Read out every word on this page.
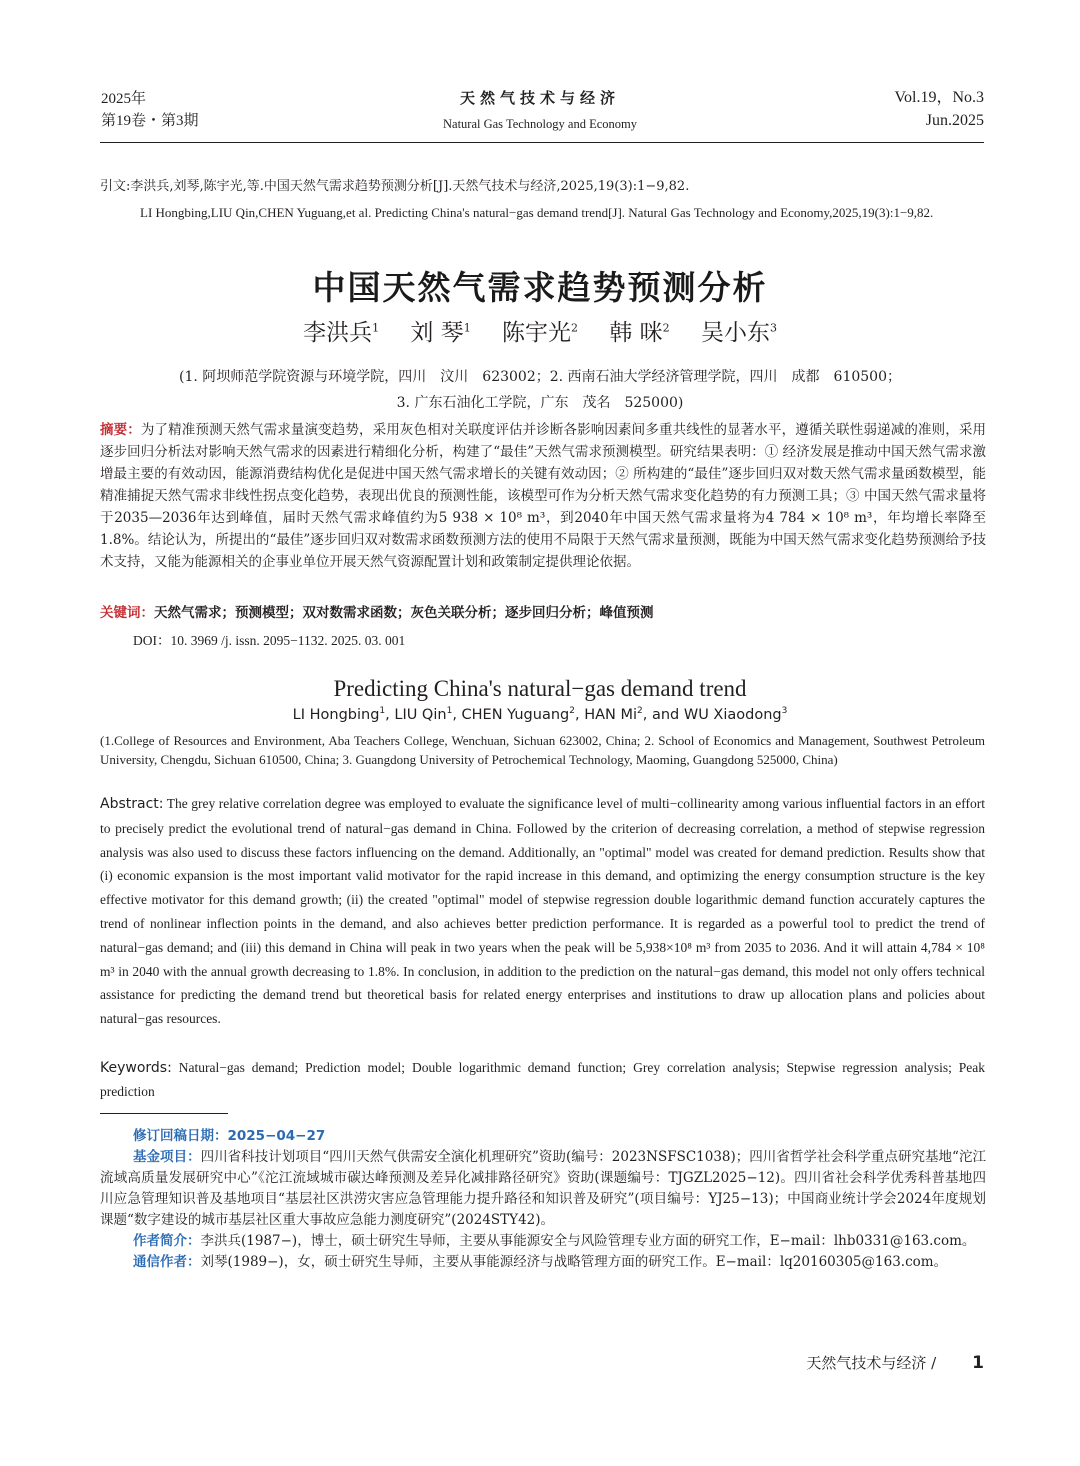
2025年
第19卷・第3期
天然气技术与经济
Natural Gas Technology and Economy
Vol.19，No.3
Jun.2025
引文:李洪兵,刘琴,陈宇光,等.中国天然气需求趋势预测分析[J].天然气技术与经济,2025,19(3):1−9,82.
LI Hongbing,LIU Qin,CHEN Yuguang,et al. Predicting China's natural−gas demand trend[J]. Natural Gas Technology and Economy,2025,19(3):1−9,82.
中国天然气需求趋势预测分析
李洪兵$^1$ 刘 琴$^1$ 陈宇光$^2$ 韩 咪$^2$ 吴小东$^3$
(1. 阿坝师范学院资源与环境学院，四川　汶川　623002；2. 西南石油大学经济管理学院，四川　成都　610500；
3. 广东石油化工学院，广东　茂名　525000)
摘要：为了精准预测天然气需求量演变趋势，采用灰色相对关联度评估并诊断各影响因素间多重共线性的显著水平，遵循关联性弱递减的准则，采用逐步回归分析法对影响天然气需求的因素进行精细化分析，构建了“最佳”天然气需求预测模型。研究结果表明：① 经济发展是推动中国天然气需求激增最主要的有效动因，能源消费结构优化是促进中国天然气需求增长的关键有效动因；② 所构建的“最佳”逐步回归双对数天然气需求量函数模型，能精准捕捉天然气需求非线性拐点变化趋势，表现出优良的预测性能，该模型可作为分析天然气需求变化趋势的有力预测工具；③ 中国天然气需求量将于2035—2036年达到峰值，届时天然气需求峰值约为5 938 × 10⁸ m³，到2040年中国天然气需求量将为4 784 × 10⁸ m³，年均增长率降至1.8%。结论认为，所提出的“最佳”逐步回归双对数需求函数预测方法的使用不局限于天然气需求量预测，既能为中国天然气需求变化趋势预测给予技术支持，又能为能源相关的企事业单位开展天然气资源配置计划和政策制定提供理论依据。
关键词：天然气需求；预测模型；双对数需求函数；灰色关联分析；逐步回归分析；峰值预测
DOI：10. 3969 /j. issn. 2095−1132. 2025. 03. 001
Predicting China's natural−gas demand trend
LI Hongbing$^1$, LIU Qin$^1$, CHEN Yuguang$^2$, HAN Mi$^2$, and WU Xiaodong$^3$
(1.College of Resources and Environment, Aba Teachers College, Wenchuan, Sichuan 623002, China; 2. School of Economics and Management, Southwest Petroleum University, Chengdu, Sichuan 610500, China; 3. Guangdong University of Petrochemical Technology, Maoming, Guangdong 525000, China)
Abstract: The grey relative correlation degree was employed to evaluate the significance level of multi−collinearity among various influential factors in an effort to precisely predict the evolutional trend of natural−gas demand in China. Followed by the criterion of decreasing correlation, a method of stepwise regression analysis was also used to discuss these factors influencing on the demand. Additionally, an "optimal" model was created for demand prediction. Results show that (i) economic expansion is the most important valid motivator for the rapid increase in this demand, and optimizing the energy consumption structure is the key effective motivator for this demand growth; (ii) the created "optimal" model of stepwise regression double logarithmic demand function accurately captures the trend of nonlinear inflection points in the demand, and also achieves better prediction performance. It is regarded as a powerful tool to predict the trend of natural−gas demand; and (iii) this demand in China will peak in two years when the peak will be 5,938×10⁸ m³ from 2035 to 2036. And it will attain 4,784 × 10⁸ m³ in 2040 with the annual growth decreasing to 1.8%. In conclusion, in addition to the prediction on the natural−gas demand, this model not only offers technical assistance for predicting the demand trend but theoretical basis for related energy enterprises and institutions to draw up allocation plans and policies about natural−gas resources.
Keywords: Natural−gas demand; Prediction model; Double logarithmic demand function; Grey correlation analysis; Stepwise regression analysis; Peak prediction

修订回稿日期：2025−04−27

基金项目：四川省科技计划项目“四川天然气供需安全演化机理研究”资助(编号：2023NSFSC1038)；四川省哲学社会科学重点研究基地“沱江流域高质量发展研究中心”《沱江流域城市碳达峰预测及差异化减排路径研究》资助(课题编号：TJGZL2025−12)。四川省社会科学优秀科普基地四川应急管理知识普及基地项目“基层社区洪涝灾害应急管理能力提升路径和知识普及研究”(项目编号：YJ25−13)；中国商业统计学会2024年度规划课题“数字建设的城市基层社区重大事故应急能力测度研究”(2024STY42)。

作者简介：李洪兵(1987−)，博士，硕士研究生导师，主要从事能源安全与风险管理专业方面的研究工作，E−mail：lhb0331@163.com。

通信作者：刘琴(1989−)，女，硕士研究生导师，主要从事能源经济与战略管理方面的研究工作。E−mail：lq20160305@163.com。

天然气技术与经济 / 1
